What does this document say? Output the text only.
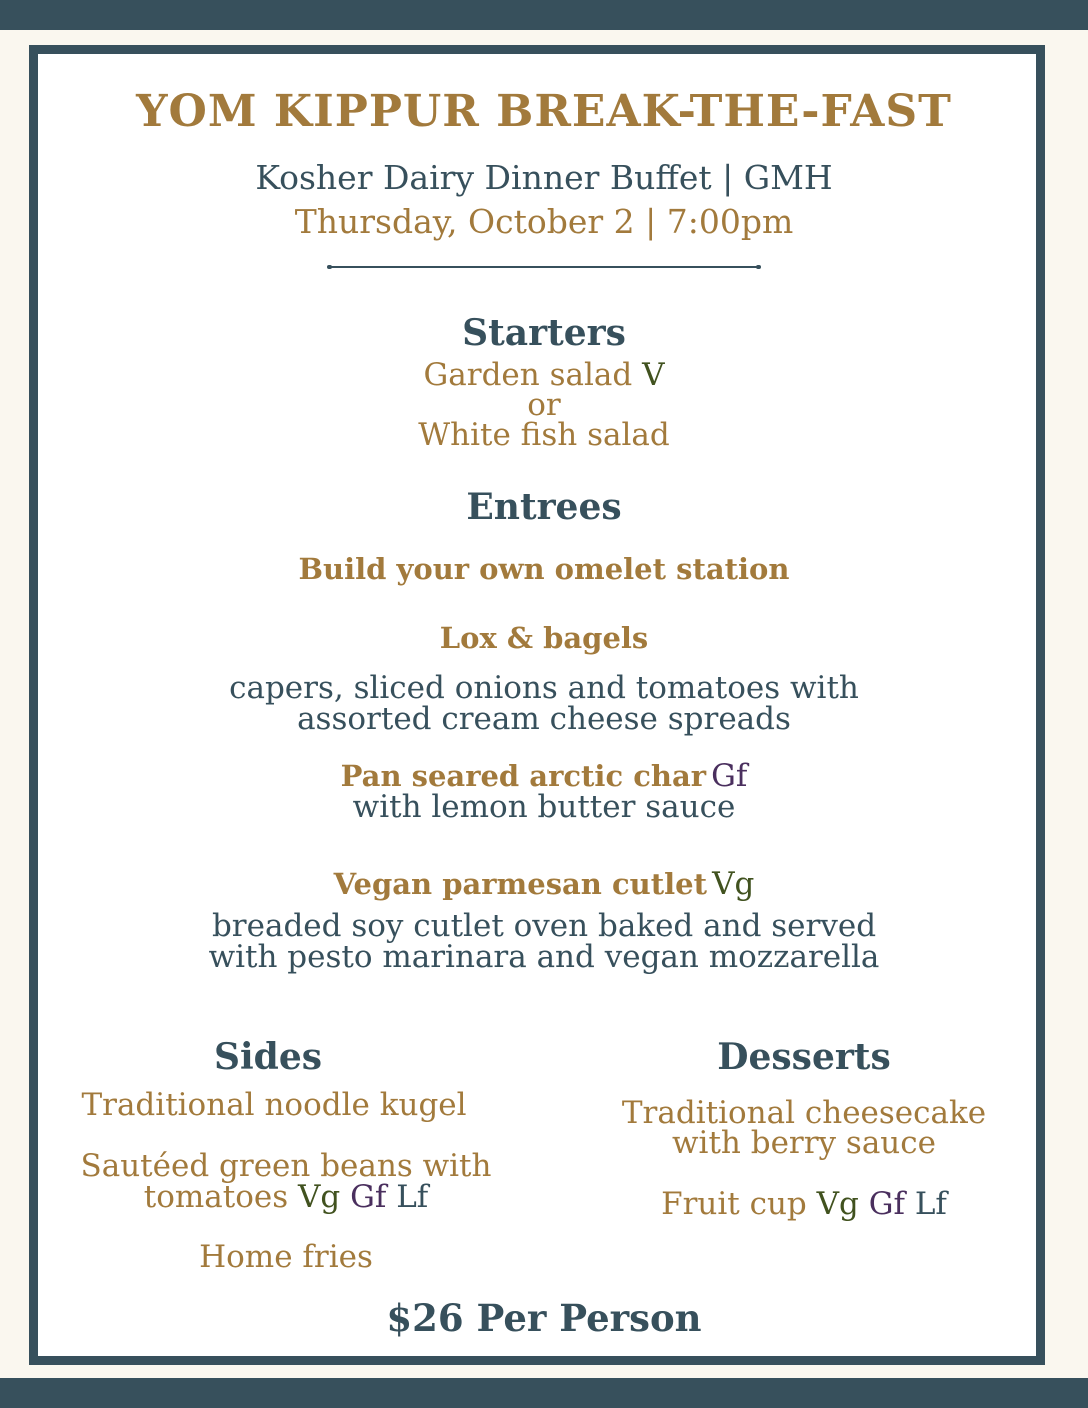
YOM KIPPUR BREAK-THE-FAST
Kosher Dairy Dinner Buffet | GMH
Thursday, October 2 | 7:00pm
Starters
Garden salad V
or
White fish salad
Entrees
Build your own omelet station
Lox & bagels
capers, sliced onions and tomatoes with
assorted cream cheese spreads
Pan seared arctic char Gf
with lemon butter sauce
Vegan parmesan cutlet Vg
breaded soy cutlet oven baked and served
with pesto marinara and vegan mozzarella
Sides
Traditional noodle kugel
Sautéed green beans with
tomatoes Vg Gf Lf
Home fries
Desserts
Traditional cheesecake
with berry sauce
Fruit cup Vg Gf Lf
$26 Per Person
